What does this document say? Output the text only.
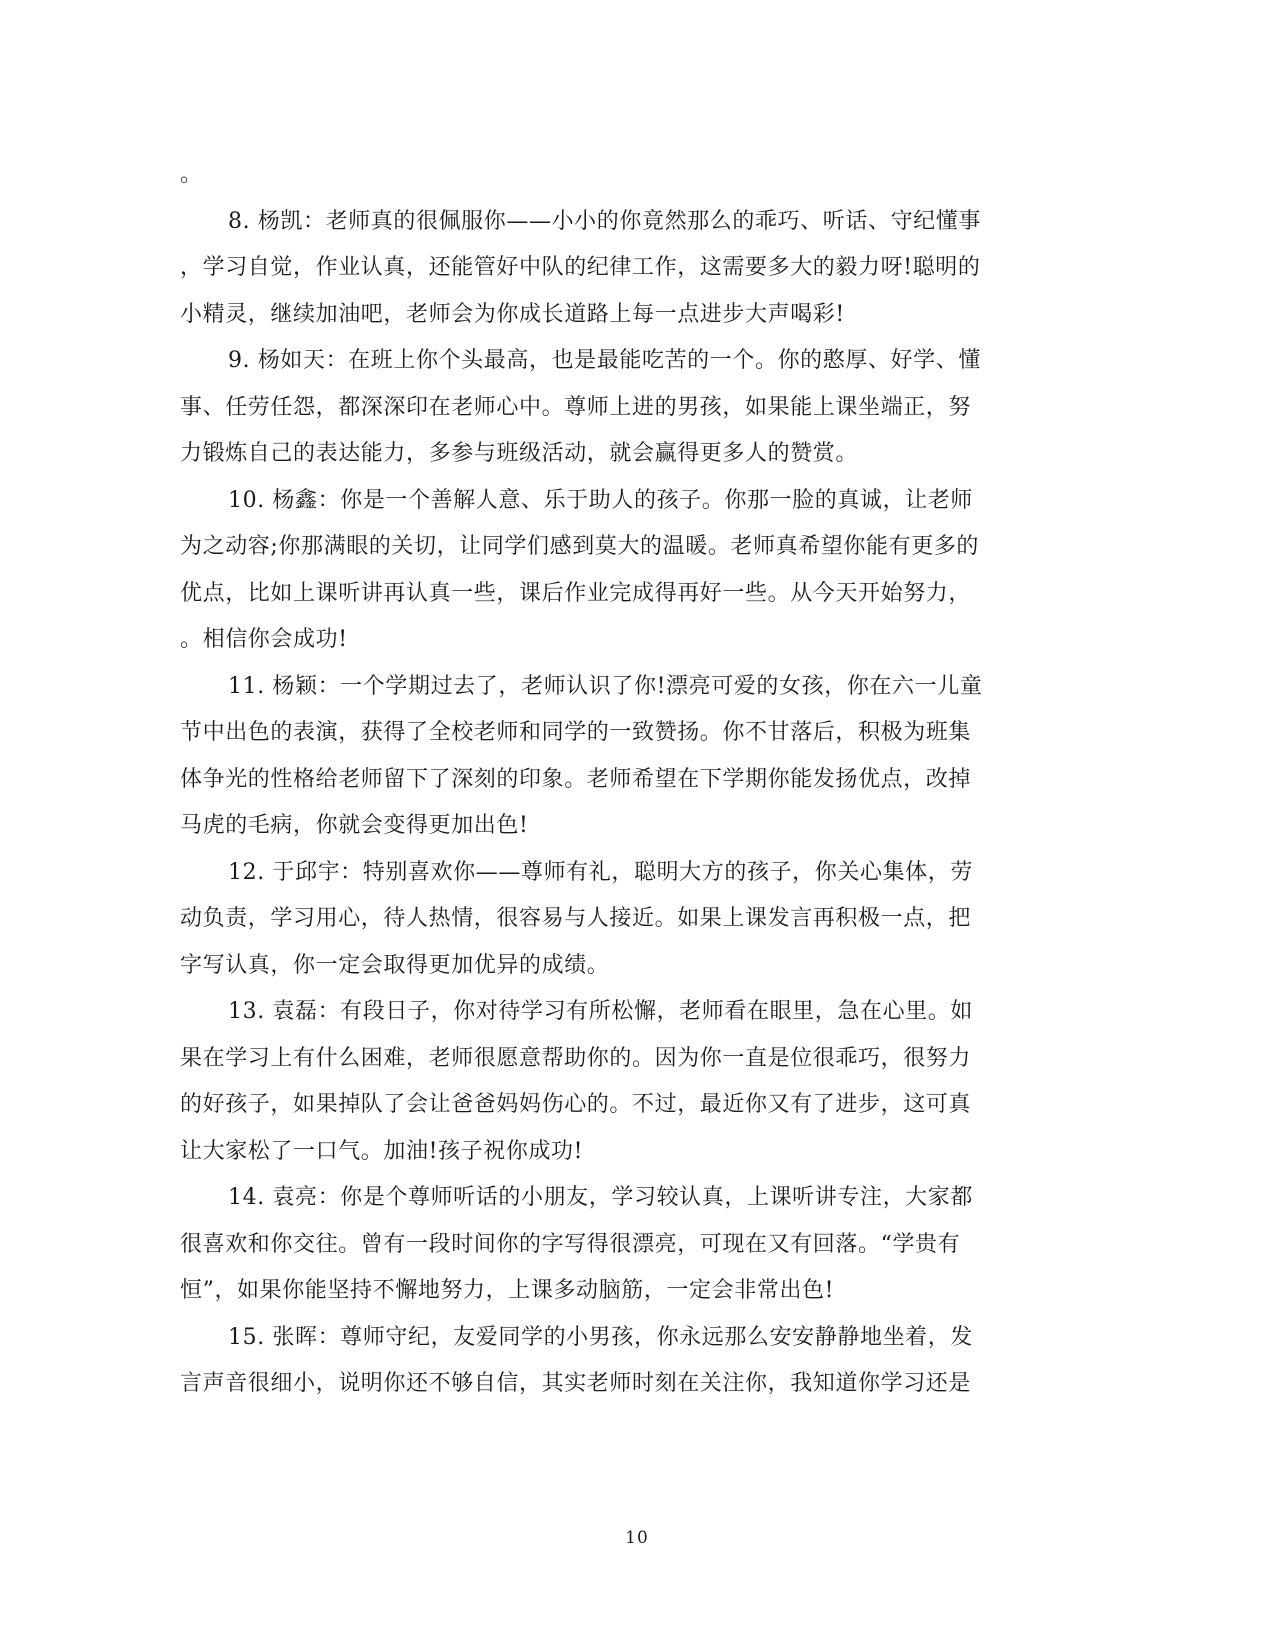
。
8. 杨凯：老师真的很佩服你——小小的你竟然那么的乖巧、听话、守纪懂事
，学习自觉，作业认真，还能管好中队的纪律工作，这需要多大的毅力呀!聪明的
小精灵，继续加油吧，老师会为你成长道路上每一点进步大声喝彩!
9. 杨如天：在班上你个头最高，也是最能吃苦的一个。你的憨厚、好学、懂
事、任劳任怨，都深深印在老师心中。尊师上进的男孩，如果能上课坐端正，努
力锻炼自己的表达能力，多参与班级活动，就会赢得更多人的赞赏。
10. 杨鑫：你是一个善解人意、乐于助人的孩子。你那一脸的真诚，让老师
为之动容;你那满眼的关切，让同学们感到莫大的温暖。老师真希望你能有更多的
优点，比如上课听讲再认真一些，课后作业完成得再好一些。从今天开始努力，
。相信你会成功!
11. 杨颖：一个学期过去了，老师认识了你!漂亮可爱的女孩，你在六一儿童
节中出色的表演，获得了全校老师和同学的一致赞扬。你不甘落后，积极为班集
体争光的性格给老师留下了深刻的印象。老师希望在下学期你能发扬优点，改掉
马虎的毛病，你就会变得更加出色!
12. 于邱宇：特别喜欢你——尊师有礼，聪明大方的孩子，你关心集体，劳
动负责，学习用心，待人热情，很容易与人接近。如果上课发言再积极一点，把
字写认真，你一定会取得更加优异的成绩。
13. 袁磊：有段日子，你对待学习有所松懈，老师看在眼里，急在心里。如
果在学习上有什么困难，老师很愿意帮助你的。因为你一直是位很乖巧，很努力
的好孩子，如果掉队了会让爸爸妈妈伤心的。不过，最近你又有了进步，这可真
让大家松了一口气。加油!孩子祝你成功!
14. 袁亮：你是个尊师听话的小朋友，学习较认真，上课听讲专注，大家都
很喜欢和你交往。曾有一段时间你的字写得很漂亮，可现在又有回落。“学贵有
恒”，如果你能坚持不懈地努力，上课多动脑筋，一定会非常出色!
15. 张晖：尊师守纪，友爱同学的小男孩，你永远那么安安静静地坐着，发
言声音很细小，说明你还不够自信，其实老师时刻在关注你，我知道你学习还是
10
